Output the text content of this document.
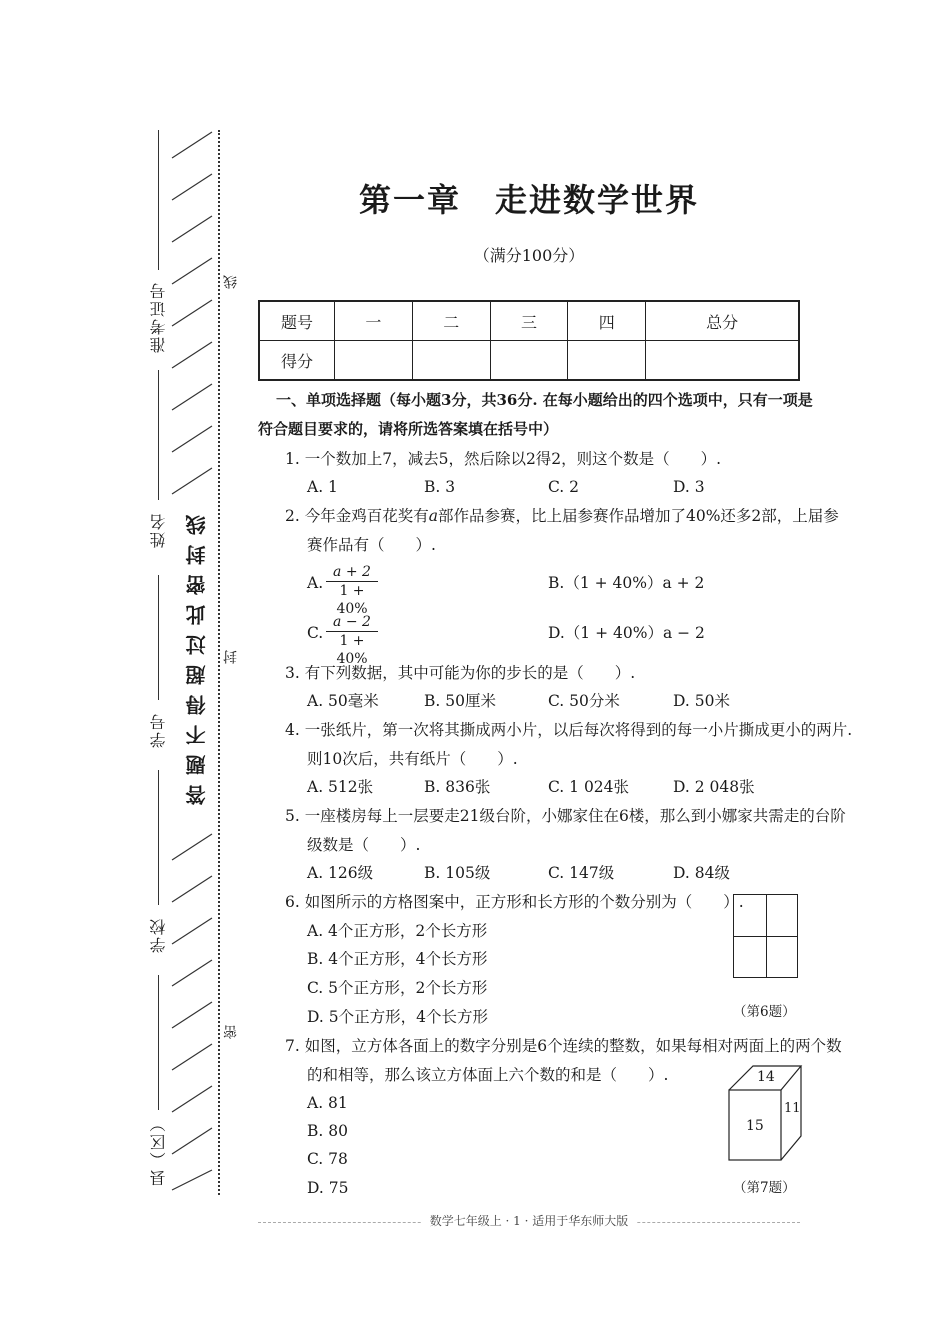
准考证号
姓名
学号
学校
县（区）
答题不得超过此密封线
线
封
密
第一章　走进数学世界
（满分100分）
题号	一	二	三	四	总分
得分					
一、单项选择题（每小题3分，共36分. 在每小题给出的四个选项中，只有一项是
符合题目要求的，请将所选答案填在括号中）
1. 一个数加上7，减去5，然后除以2得2，则这个数是（　　）.
A. 1	B. 3	C. 2	D. 3
2. 今年金鸡百花奖有a部作品参赛，比上届参赛作品增加了40%还多2部，上届参
赛作品有（　　）.
A. $\frac{a + 2}{1 + 40\%}$	B.（1 + 40%）a + 2
C. $\frac{a - 2}{1 + 40\%}$	D.（1 + 40%）a − 2
3. 有下列数据，其中可能为你的步长的是（　　）.
A. 50毫米	B. 50厘米	C. 50分米	D. 50米
4. 一张纸片，第一次将其撕成两小片，以后每次将得到的每一小片撕成更小的两片.
则10次后，共有纸片（　　）.
A. 512张	B. 836张	C. 1 024张	D. 2 048张
5. 一座楼房每上一层要走21级台阶，小娜家住在6楼，那么到小娜家共需走的台阶
级数是（　　）.
A. 126级	B. 105级	C. 147级	D. 84级
6. 如图所示的方格图案中，正方形和长方形的个数分别为（　　）.
A. 4个正方形，2个长方形
B. 4个正方形，4个长方形
C. 5个正方形，2个长方形
D. 5个正方形，4个长方形	（第6题）
7. 如图，立方体各面上的数字分别是6个连续的整数，如果每相对两面上的两个数
的和相等，那么该立方体面上六个数的和是（　　）.
A. 81
B. 80
C. 78
D. 75
14
15
11
（第7题）
数学七年级上 · 1 · 适用于华东师大版
